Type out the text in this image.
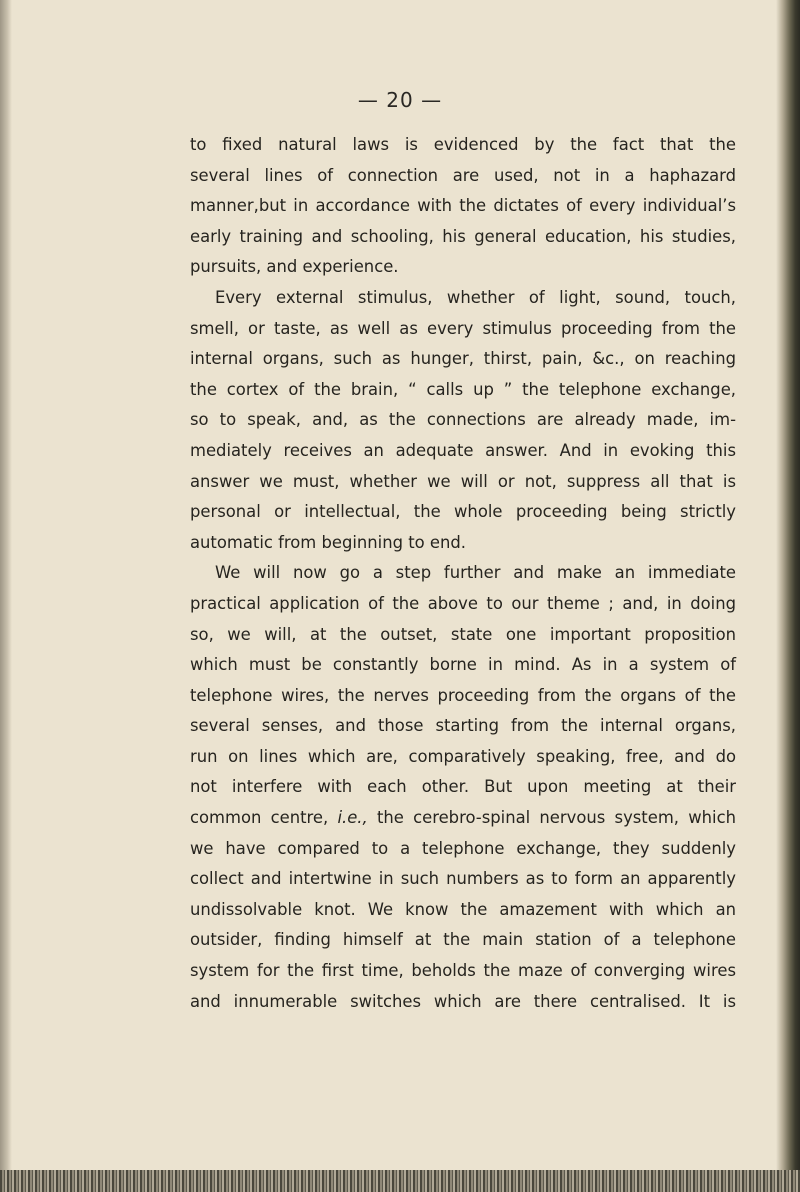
— 20 —
to fixed natural laws is evidenced by the fact that the
several lines of connection are used, not in a haphazard
manner,but in accordance with the dictates of every individual’s
early training and schooling, his general education, his studies,
pursuits, and experience.
Every external stimulus, whether of light, sound, touch,
smell, or taste, as well as every stimulus proceeding from the
internal organs, such as hunger, thirst, pain, &c., on reaching
the cortex of the brain, “ calls up ” the telephone exchange,
so to speak, and, as the connections are already made, im-
mediately receives an adequate answer. And in evoking this
answer we must, whether we will or not, suppress all that is
personal or intellectual, the whole proceeding being strictly
automatic from beginning to end.
We will now go a step further and make an immediate
practical application of the above to our theme ; and, in doing
so, we will, at the outset, state one important proposition
which must be constantly borne in mind. As in a system of
telephone wires, the nerves proceeding from the organs of the
several senses, and those starting from the internal organs,
run on lines which are, comparatively speaking, free, and do
not interfere with each other. But upon meeting at their
common centre, i.e., the cerebro-spinal nervous system, which
we have compared to a telephone exchange, they suddenly
collect and intertwine in such numbers as to form an apparently
undissolvable knot. We know the amazement with which an
outsider, finding himself at the main station of a telephone
system for the first time, beholds the maze of converging wires
and innumerable switches which are there centralised. It is
